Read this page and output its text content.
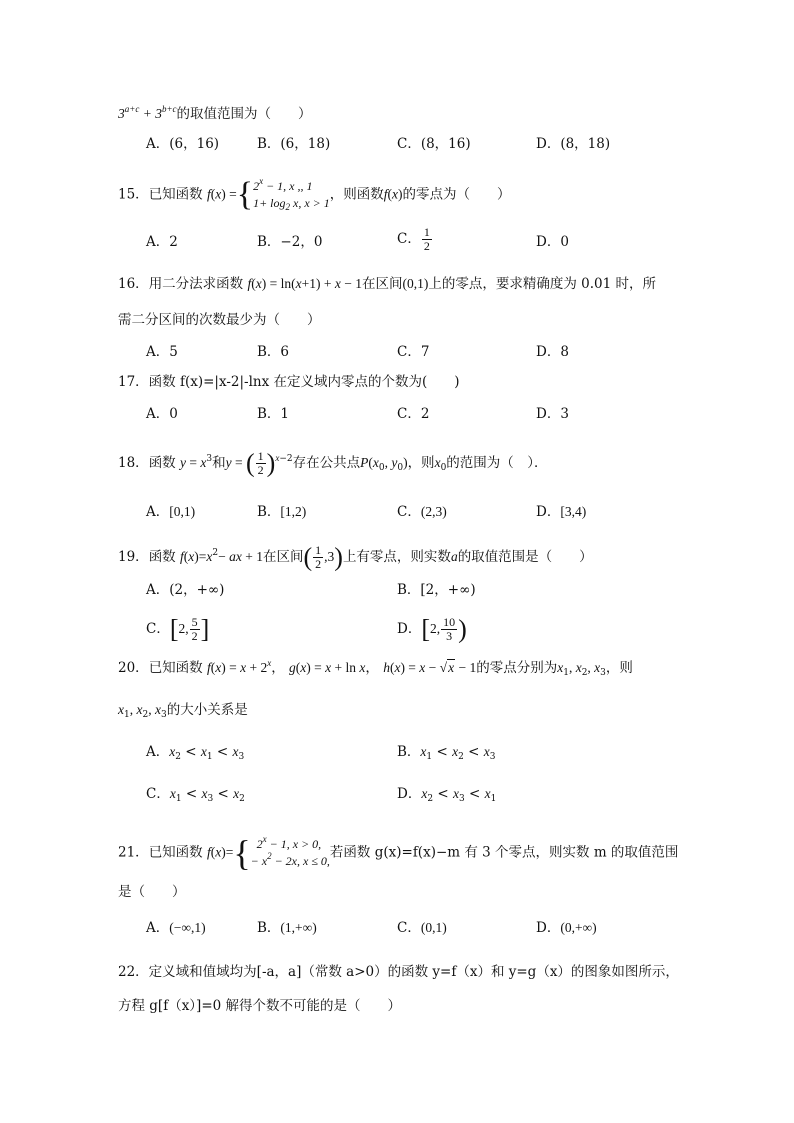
$3^{a+c} + 3^{b+c}$的取值范围为（　　）
A．(6，16)	B．(6，18)	C．(8，16)	D．(8，18)
15．已知函数 f(x) ={ $2^x - 1$, x ,, 1
$1+ \log_2 x$, x > 1
，则函数f(x)的零点为（　　）
A．2	B．−2，0	C． $\frac{1}{2}$	D．0
16．用二分法求函数 f(x) = ln(x+1) + x − 1在区间(0,1)上的零点，要求精确度为 0.01 时，所
需二分区间的次数最少为（　　）
A．5	B．6	C．7	D．8
17．函数 f(x)=|x-2|-lnx 在定义域内零点的个数为(　　)
A．0	B．1	C．2	D．3
18．函数 $y = x^3$和y = ( $\frac{1}{2} )^{x-2}$存在公共点$P(x_0$, $y_0$)，则$x_0$的范围为（　）．
A．[0,1)	B．[1,2)	C．(2,3)	D．[3,4)
19．函数 $f(x)=x^2-$ ax + 1在区间( $\frac{1}{2} ,3$)上有零点，则实数a的取值范围是（　　）
A．(2，+∞)	B．[2，+∞)
C．[2, $\frac{5}{2}$ ]	D．[2, $\frac{10}{3}$ )
20．已知函数 $f(x) = x + 2^x$， g(x) = x + ln x， h(x) = x − √x − 1的零点分别为$x_1$, $x_2$, $x_3$，则
$x_1$, $x_2$, $x_3$的大小关系是
A．$x_2 < x_1 < x_3$	B．$x_1 < x_2 < x_3$
C．$x_1 < x_3 < x_2$	D．$x_2 < x_3 < x_1$
21．已知函数 f(x)={ $2^x - 1$, x > 0,
− $x^2 - 2x$, x ≤ 0,
若函数 g(x)=f(x)−m 有 3 个零点，则实数 m 的取值范围
是（　　）
A．(−∞,1)	B．(1,+∞)	C．(0,1)	D．(0,+∞)
22．定义域和值域均为[-a，a]（常数 a>0）的函数 y=f（x）和 y=g（x）的图象如图所示，
方程 g[f（x）]=0 解得个数不可能的是（　　）
